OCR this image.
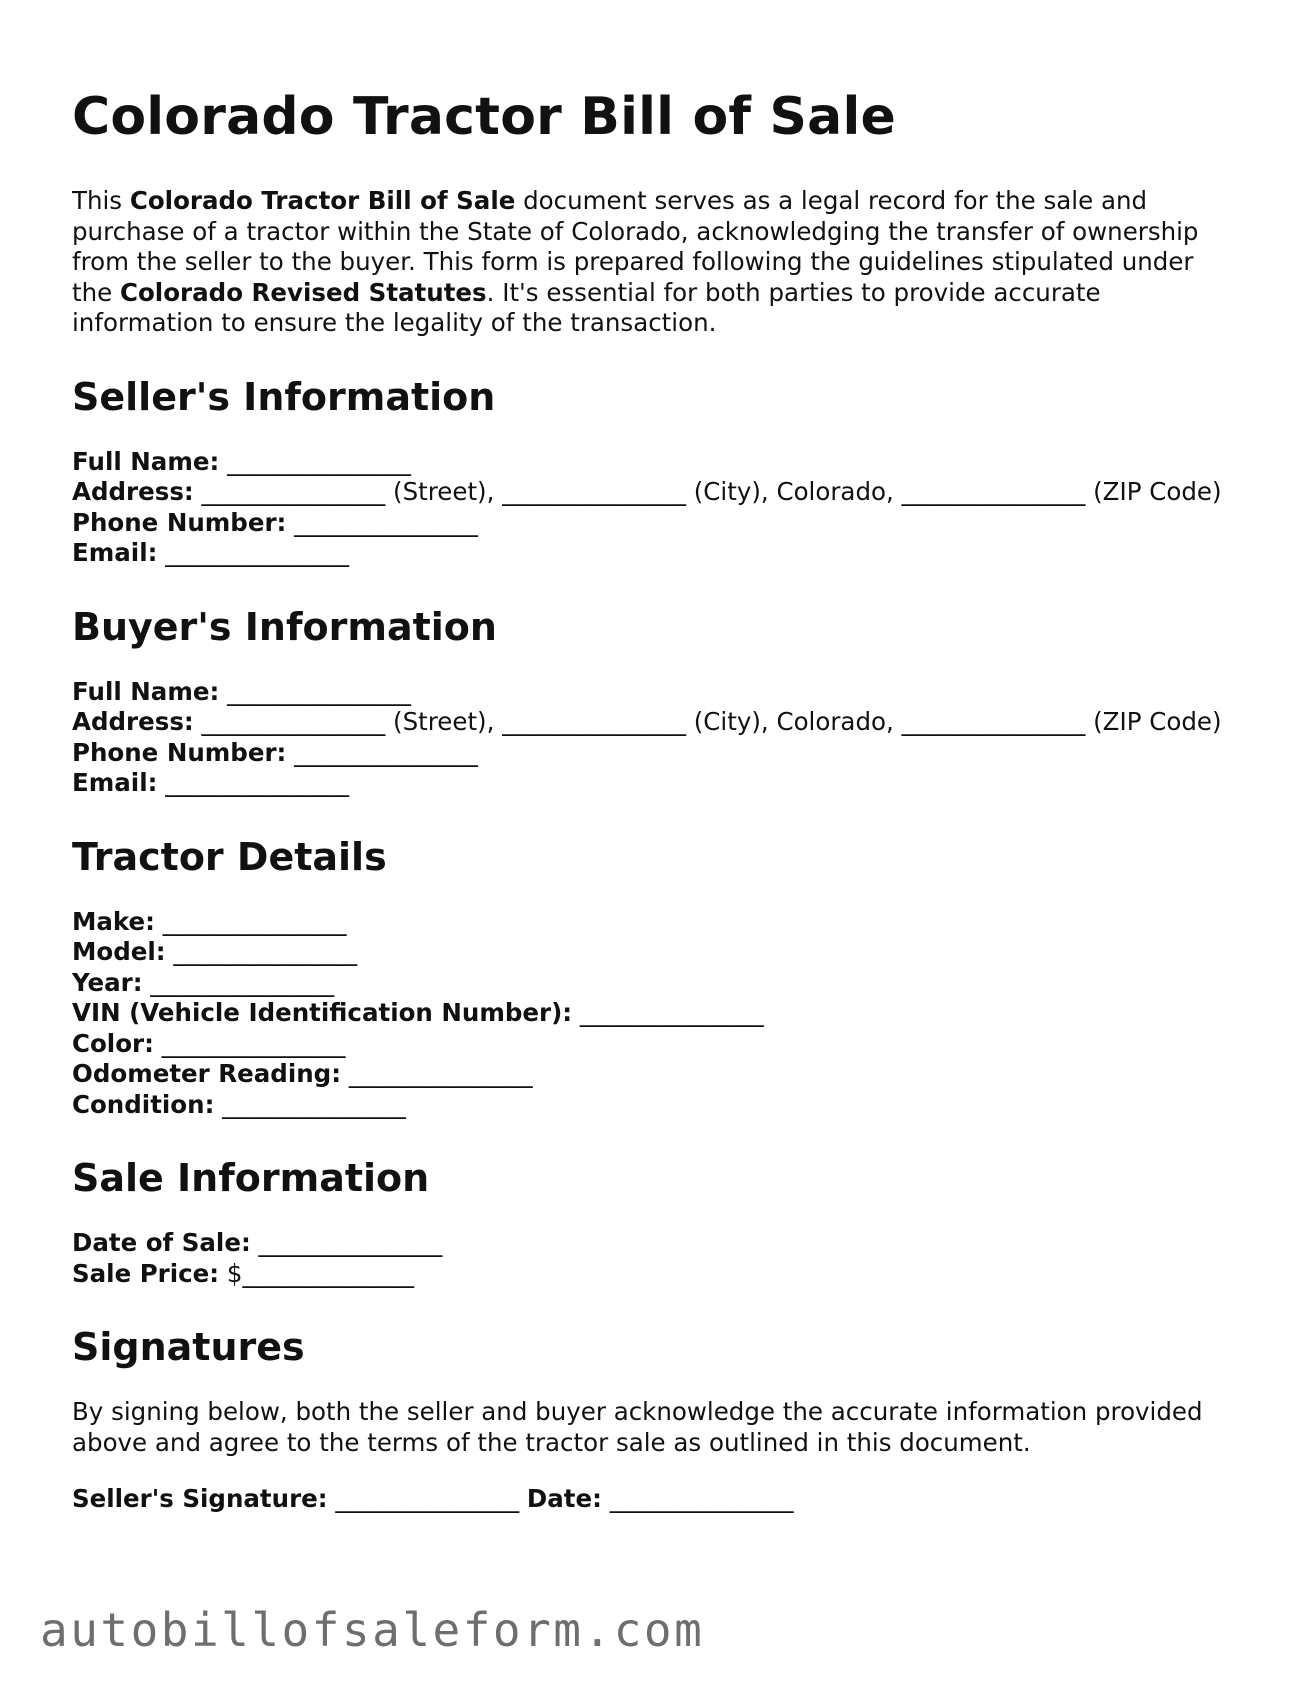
Colorado Tractor Bill of Sale

This Colorado Tractor Bill of Sale document serves as a legal record for the sale and purchase of a tractor within the State of Colorado, acknowledging the transfer of ownership from the seller to the buyer. This form is prepared following the guidelines stipulated under the Colorado Revised Statutes. It's essential for both parties to provide accurate information to ensure the legality of the transaction.

Seller's Information
Full Name: _______________
Address: _______________ (Street), _______________ (City), Colorado, _______________ (ZIP Code)
Phone Number: _______________
Email: _______________
Buyer's Information
Full Name: _______________
Address: _______________ (Street), _______________ (City), Colorado, _______________ (ZIP Code)
Phone Number: _______________
Email: _______________
Tractor Details
Make: _______________
Model: _______________
Year: _______________
VIN (Vehicle Identification Number): _______________
Color: _______________
Odometer Reading: _______________
Condition: _______________
Sale Information
Date of Sale: _______________
Sale Price: $______________
Signatures
By signing below, both the seller and buyer acknowledge the accurate information provided above and agree to the terms of the tractor sale as outlined in this document.
Seller's Signature: _______________ Date: _______________
autobillofsaleform.com
